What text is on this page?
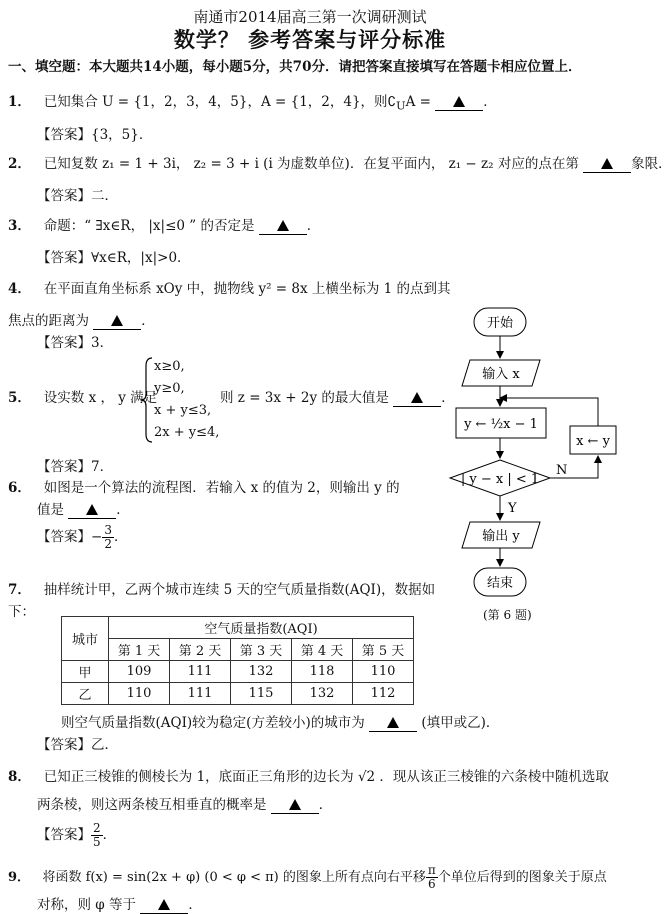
南通市2014届高三第一次调研测试
数学？ 参考答案与评分标准
一、填空题：本大题共14小题，每小题5分，共70分．请把答案直接填写在答题卡相应位置上．
1． 已知集合 U = {1，2，3，4，5}，A = {1，2，4}，则$∁_UA$ =	．
【答案】{3，5}．
2． 已知复数 z₁ = 1 + 3i， z₂ = 3 + i (i 为虚数单位)．在复平面内， z₁ − z₂ 对应的点在第	象限．
【答案】二．
3． 命题：“ ∃x∈R， |x|≤0 ” 的否定是	．
【答案】∀x∈R，|x|>0．
4． 在平面直角坐标系 xOy 中，抛物线 y² = 8x 上横坐标为 1 的点到其
焦点的距离为	．
【答案】3．
5． 设实数 x ， y 满足
x≥0,
y≥0,
x + y≤3,
2x + y≤4,
则 z = 3x + 2y 的最大值是	．
【答案】7．
6． 如图是一个算法的流程图．若输入 x 的值为 2，则输出 y 的
值是	．
【答案】− $\frac{3}{2}$ ．
7． 抽样统计甲，乙两个城市连续 5 天的空气质量指数(AQI)，数据如
下：
城市	空气质量指数(AQI)				
	第 1 天	第 2 天	第 3 天	第 4 天	第 5 天
甲	109	111	132	118	110
乙	110	111	115	132	112
则空气质量指数(AQI)较为稳定(方差较小)的城市为	(填甲或乙)．
【答案】乙．
8． 已知正三棱锥的侧棱长为 1，底面正三角形的边长为 √2 ．现从该正三棱锥的六条棱中随机选取
两条棱，则这两条棱互相垂直的概率是	．
【答案】 $\frac{2}{5}$ ．
9． 将函数 f(x) = sin(2x + φ) (0 < φ < π) 的图象上所有点向右平移 $\frac{\pi}{6}$ 个单位后得到的图象关于原点
对称，则 φ 等于	．
开始
输入 x
y ← ½x − 1
| y − x | < 1
Y
N
x ← y
输出 y
结束
(第 6 题)
